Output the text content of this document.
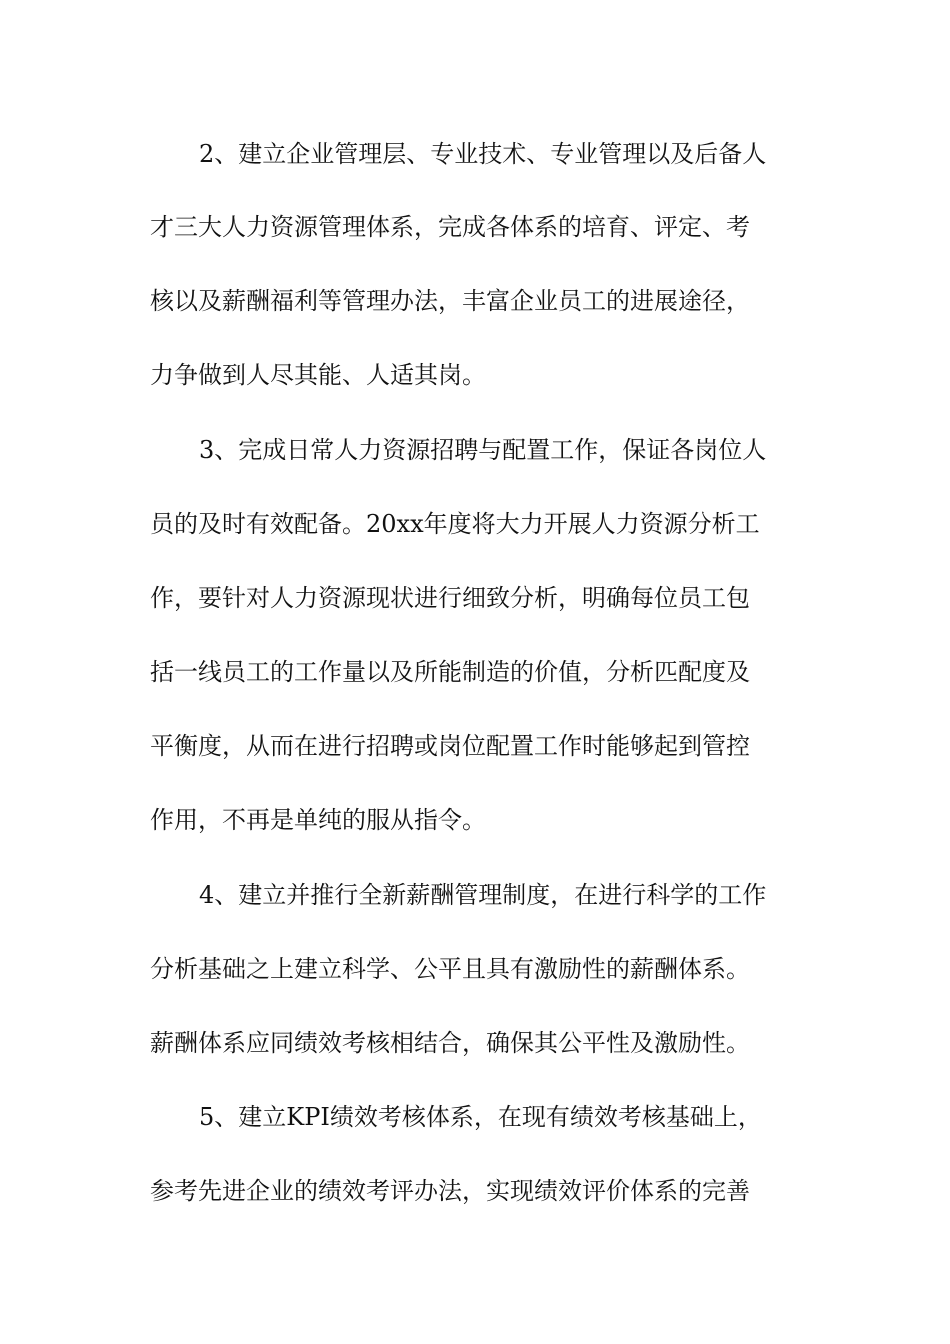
2、建立企业管理层、专业技术、专业管理以及后备人
才三大人力资源管理体系，完成各体系的培育、评定、考
核以及薪酬福利等管理办法，丰富企业员工的进展途径，
力争做到人尽其能、人适其岗。
3、完成日常人力资源招聘与配置工作，保证各岗位人
员的及时有效配备。20xx年度将大力开展人力资源分析工
作，要针对人力资源现状进行细致分析，明确每位员工包
括一线员工的工作量以及所能制造的价值，分析匹配度及
平衡度，从而在进行招聘或岗位配置工作时能够起到管控
作用，不再是单纯的服从指令。
4、建立并推行全新薪酬管理制度，在进行科学的工作
分析基础之上建立科学、公平且具有激励性的薪酬体系。
薪酬体系应同绩效考核相结合，确保其公平性及激励性。
5、建立KPI绩效考核体系，在现有绩效考核基础上，
参考先进企业的绩效考评办法，实现绩效评价体系的完善
